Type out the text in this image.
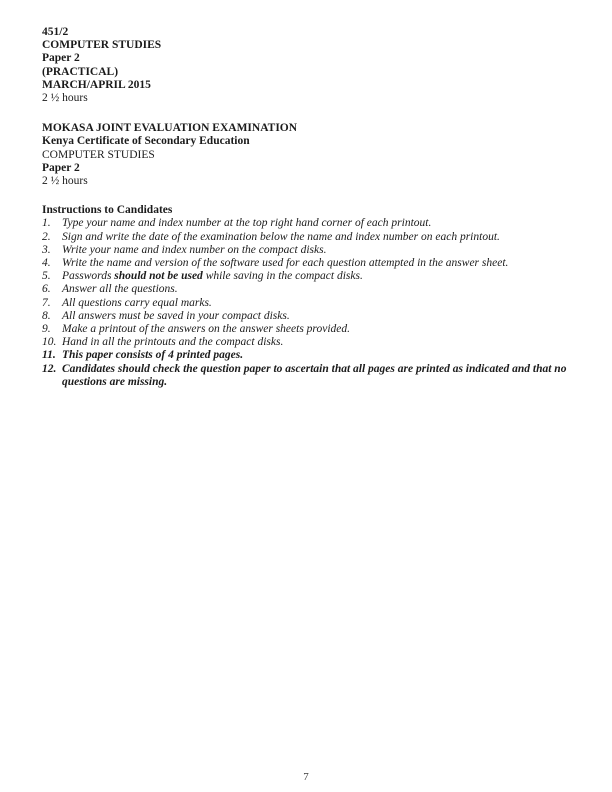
451/2

COMPUTER STUDIES

Paper 2

(PRACTICAL)

MARCH/APRIL 2015

2 ½ hours

MOKASA JOINT EVALUATION EXAMINATION

Kenya Certificate of Secondary Education

COMPUTER STUDIES

Paper 2

2 ½ hours

Instructions to Candidates

1. Type your name and index number at the top right hand corner of each printout.
2. Sign and write the date of the examination below the name and index number on each printout.
3. Write your name and index number on the compact disks.
4. Write the name and version of the software used for each question attempted in the answer sheet.
5. Passwords should not be used while saving in the compact disks.
6. Answer all the questions.
7. All questions carry equal marks.
8. All answers must be saved in your compact disks.
9. Make a printout of the answers on the answer sheets provided.
10. Hand in all the printouts and the compact disks.
11. This paper consists of 4 printed pages.
12. Candidates should check the question paper to ascertain that all pages are printed as indicated and that no questions are missing.
7
